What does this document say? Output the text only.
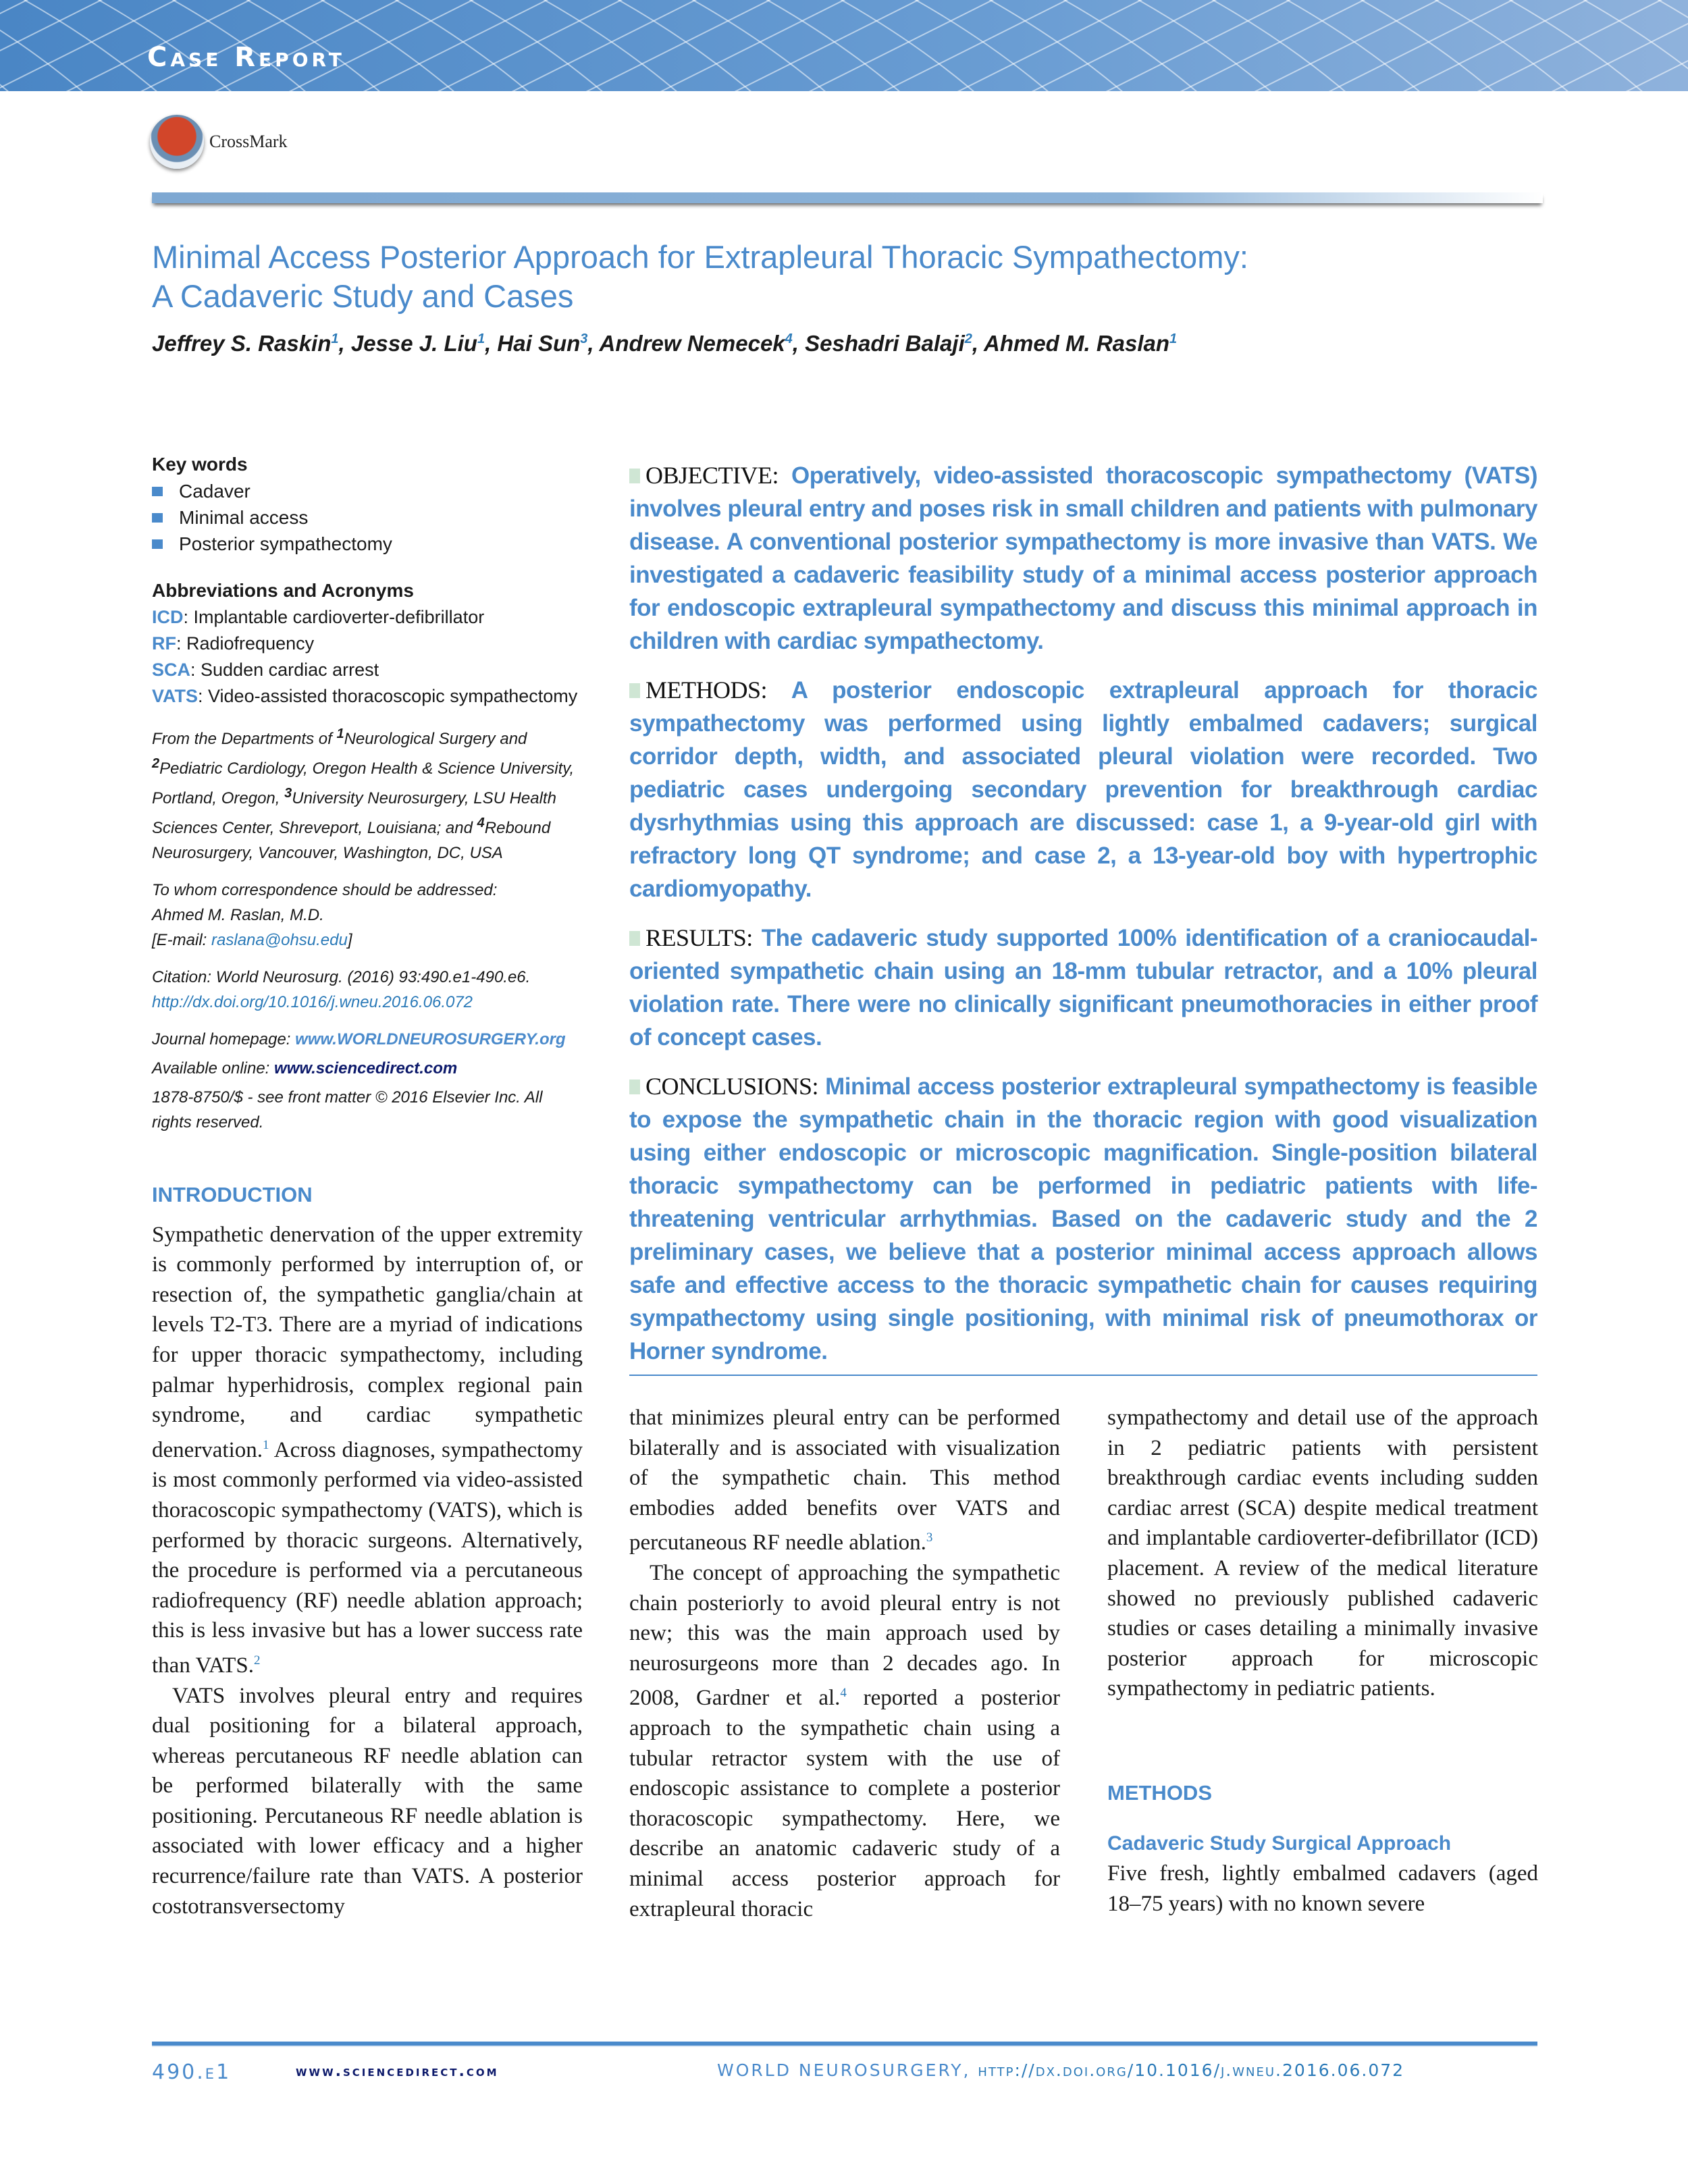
Case Report
CrossMark
Minimal Access Posterior Approach for Extrapleural Thoracic Sympathectomy:
A Cadaveric Study and Cases
Jeffrey S. Raskin$^1$, Jesse J. Liu$^1$, Hai Sun$^3$, Andrew Nemecek$^4$, Seshadri Balaji$^2$, Ahmed M. Raslan$^1$
Key words
Cadaver
Minimal access
Posterior sympathectomy
Abbreviations and Acronyms
ICD: Implantable cardioverter-defibrillator
RF: Radiofrequency
SCA: Sudden cardiac arrest
VATS: Video-assisted thoracoscopic sympathectomy
From the Departments of $^1$Neurological Surgery and $^2$Pediatric Cardiology, Oregon Health & Science University, Portland, Oregon, $^3$University Neurosurgery, LSU Health Sciences Center, Shreveport, Louisiana; and $^4$Rebound Neurosurgery, Vancouver, Washington, DC, USA
To whom correspondence should be addressed:
Ahmed M. Raslan, M.D.
[E-mail: raslana@ohsu.edu]
Citation: World Neurosurg. (2016) 93:490.e1-490.e6.
http://dx.doi.org/10.1016/j.wneu.2016.06.072
Journal homepage: www.WORLDNEUROSURGERY.org
Available online: www.sciencedirect.com
1878-8750/$ - see front matter © 2016 Elsevier Inc. All rights reserved.

OBJECTIVE: Operatively, video-assisted thoracoscopic sympathectomy (VATS) involves pleural entry and poses risk in small children and patients with pulmonary disease. A conventional posterior sympathectomy is more invasive than VATS. We investigated a cadaveric feasibility study of a minimal access posterior approach for endoscopic extrapleural sympathectomy and discuss this minimal approach in children with cardiac sympathectomy.

METHODS: A posterior endoscopic extrapleural approach for thoracic sympathectomy was performed using lightly embalmed cadavers; surgical corridor depth, width, and associated pleural violation were recorded. Two pediatric cases undergoing secondary prevention for breakthrough cardiac dysrhythmias using this approach are discussed: case 1, a 9-year-old girl with refractory long QT syndrome; and case 2, a 13-year-old boy with hypertrophic cardiomyopathy.

RESULTS: The cadaveric study supported 100% identification of a craniocaudal-oriented sympathetic chain using an 18-mm tubular retractor, and a 10% pleural violation rate. There were no clinically significant pneumothoracies in either proof of concept cases.

CONCLUSIONS: Minimal access posterior extrapleural sympathectomy is feasible to expose the sympathetic chain in the thoracic region with good visualization using either endoscopic or microscopic magnification. Single-position bilateral thoracic sympathectomy can be performed in pediatric patients with life-threatening ventricular arrhythmias. Based on the cadaveric study and the 2 preliminary cases, we believe that a posterior minimal access approach allows safe and effective access to the thoracic sympathetic chain for causes requiring sympathectomy using single positioning, with minimal risk of pneumothorax or Horner syndrome.

INTRODUCTION

Sympathetic denervation of the upper extremity is commonly performed by interruption of, or resection of, the sympathetic ganglia/chain at levels T2-T3. There are a myriad of indications for upper thoracic sympathectomy, including palmar hyperhidrosis, complex regional pain syndrome, and cardiac sympathetic denervation.$^1$ Across diagnoses, sympathectomy is most commonly performed via video-assisted thoracoscopic sympathectomy (VATS), which is performed by thoracic surgeons. Alternatively, the procedure is performed via a percutaneous radiofrequency (RF) needle ablation approach; this is less invasive but has a lower success rate than VATS.$^2$

VATS involves pleural entry and requires dual positioning for a bilateral approach, whereas percutaneous RF needle ablation can be performed bilaterally with the same positioning. Percutaneous RF needle ablation is associated with lower efficacy and a higher recurrence/failure rate than VATS. A posterior costotransversectomy

that minimizes pleural entry can be performed bilaterally and is associated with visualization of the sympathetic chain. This method embodies added benefits over VATS and percutaneous RF needle ablation.$^3$

The concept of approaching the sympathetic chain posteriorly to avoid pleural entry is not new; this was the main approach used by neurosurgeons more than 2 decades ago. In 2008, Gardner et al.$^4$ reported a posterior approach to the sympathetic chain using a tubular retractor system with the use of endoscopic assistance to complete a posterior thoracoscopic sympathectomy. Here, we describe an anatomic cadaveric study of a minimal access posterior approach for extrapleural thoracic

sympathectomy and detail use of the approach in 2 pediatric patients with persistent breakthrough cardiac events including sudden cardiac arrest (SCA) despite medical treatment and implantable cardioverter-defibrillator (ICD) placement. A review of the medical literature showed no previously published cadaveric studies or cases detailing a minimally invasive posterior approach for microscopic sympathectomy in pediatric patients.

METHODS
Cadaveric Study Surgical Approach

Five fresh, lightly embalmed cadavers (aged 18–75 years) with no known severe

490.e1	www.sciencedirect.com	WORLD NEUROSURGERY, http://dx.doi.org/10.1016/j.wneu.2016.06.072
